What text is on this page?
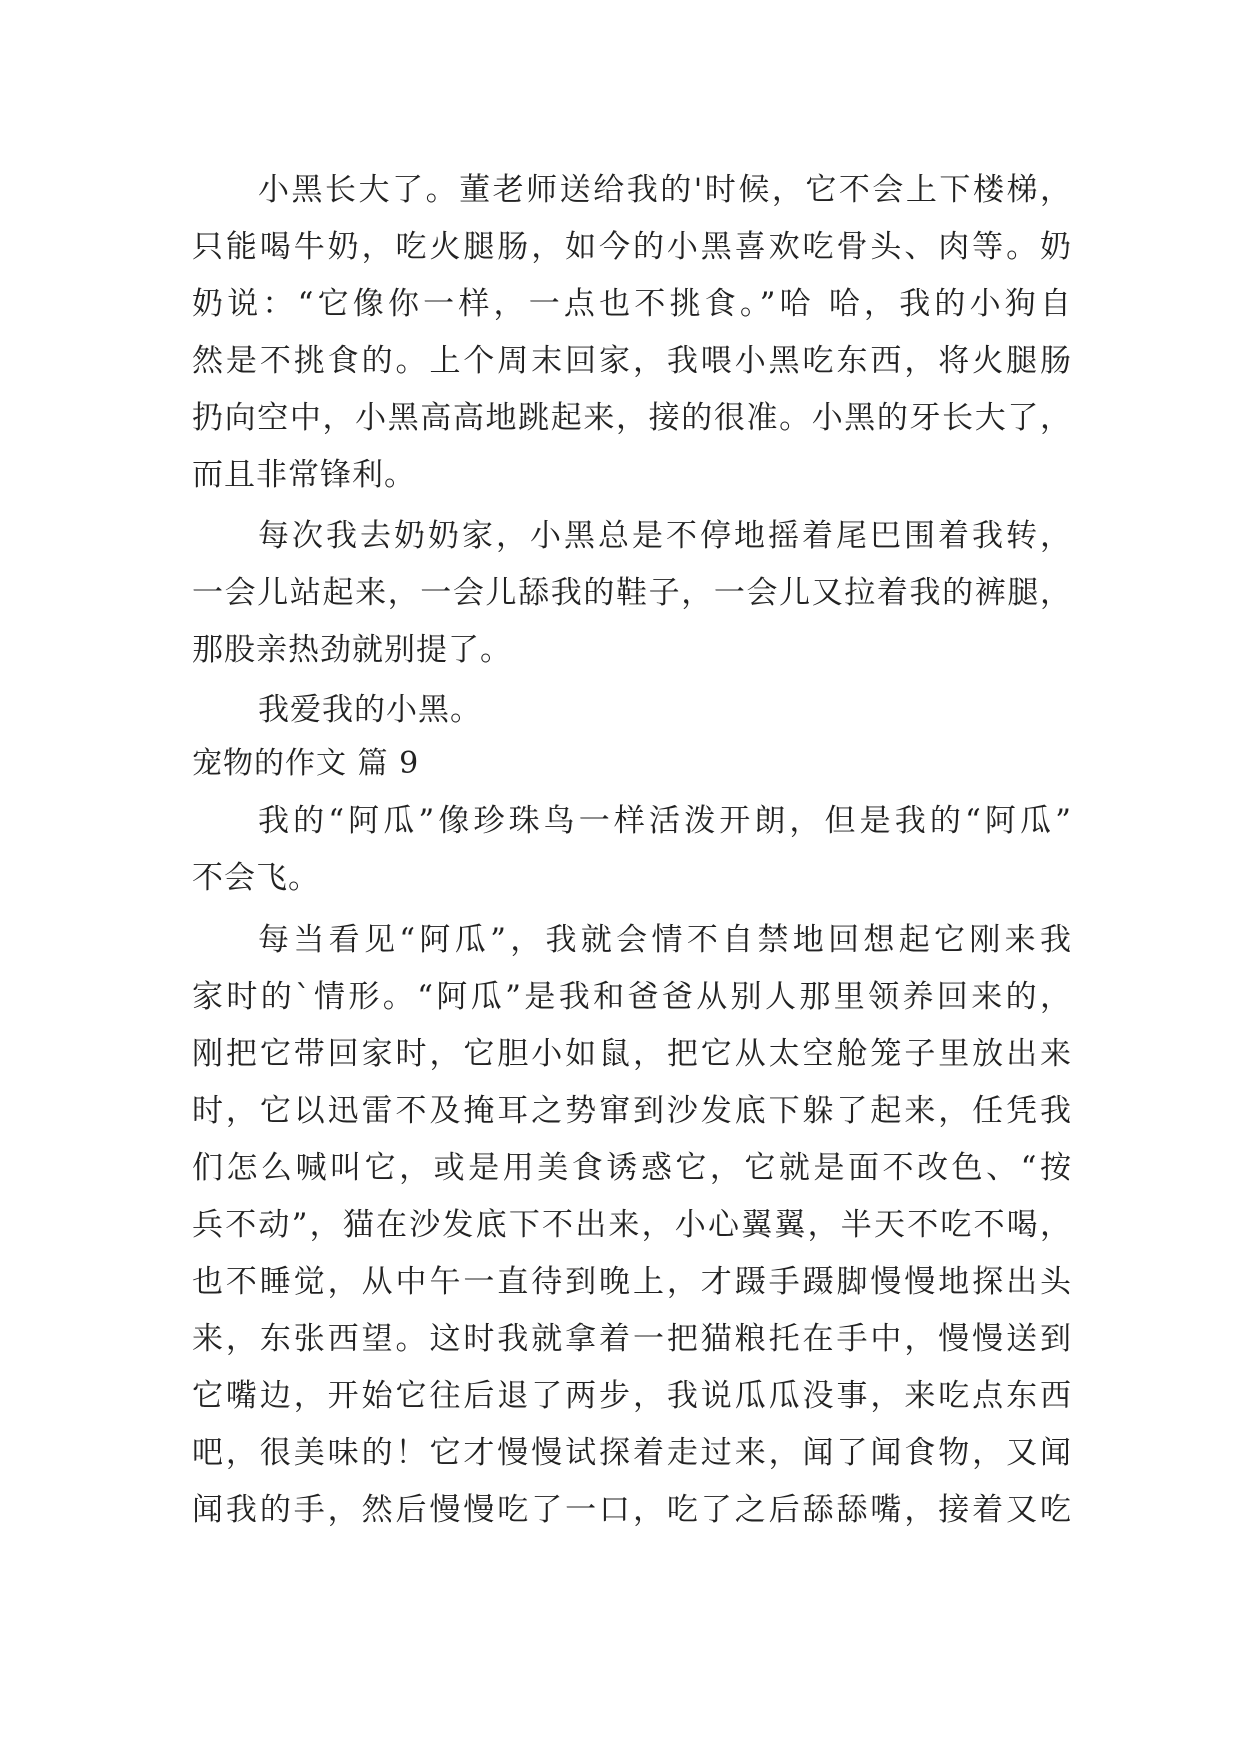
小黑长大了。董老师送给我的'时候，它不会上下楼梯，
只能喝牛奶，吃火腿肠，如今的小黑喜欢吃骨头、肉等。奶
奶说：“它像你一样，一点也不挑食。”哈 哈，我的小狗自
然是不挑食的。上个周末回家，我喂小黑吃东西，将火腿肠
扔向空中，小黑高高地跳起来，接的很准。小黑的牙长大了，
而且非常锋利。
每次我去奶奶家，小黑总是不停地摇着尾巴围着我转，
一会儿站起来，一会儿舔我的鞋子，一会儿又拉着我的裤腿，
那股亲热劲就别提了。
我爱我的小黑。
宠物的作文 篇 9
我的“阿瓜”像珍珠鸟一样活泼开朗，但是我的“阿瓜”
不会飞。
每当看见“阿瓜”，我就会情不自禁地回想起它刚来我
家时的`情形。“阿瓜”是我和爸爸从别人那里领养回来的，
刚把它带回家时，它胆小如鼠，把它从太空舱笼子里放出来
时，它以迅雷不及掩耳之势窜到沙发底下躲了起来，任凭我
们怎么喊叫它，或是用美食诱惑它，它就是面不改色、“按
兵不动”，猫在沙发底下不出来，小心翼翼，半天不吃不喝，
也不睡觉，从中午一直待到晚上，才蹑手蹑脚慢慢地探出头
来，东张西望。这时我就拿着一把猫粮托在手中，慢慢送到
它嘴边，开始它往后退了两步，我说瓜瓜没事，来吃点东西
吧，很美味的！它才慢慢试探着走过来，闻了闻食物，又闻
闻我的手，然后慢慢吃了一口，吃了之后舔舔嘴，接着又吃
